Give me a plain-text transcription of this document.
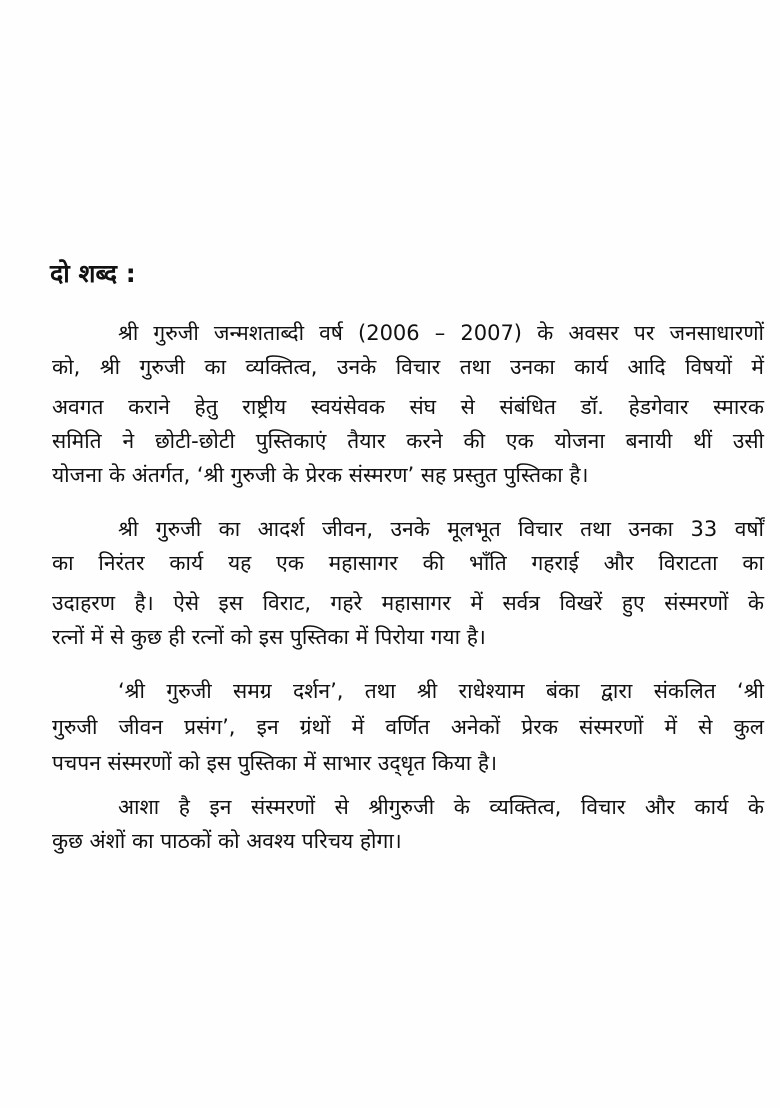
दो शब्द :
श्री गुरुजी जन्मशताब्दी वर्ष (2006 – 2007) के अवसर पर जनसाधारणों
को, श्री गुरुजी का व्यक्तित्व, उनके विचार तथा उनका कार्य आदि विषयों में
अवगत कराने हेतु राष्ट्रीय स्वयंसेवक संघ से संबंधित डॉ. हेडगेवार स्मारक
समिति ने छोटी-छोटी पुस्तिकाएं तैयार करने की एक योजना बनायी थीं उसी
योजना के अंतर्गत, ‘श्री गुरुजी के प्रेरक संस्मरण’ सह प्रस्तुत पुस्तिका है।
श्री गुरुजी का आदर्श जीवन, उनके मूलभूत विचार तथा उनका 33 वर्षों
का निरंतर कार्य यह एक महासागर की भाँति गहराई और विराटता का
उदाहरण है। ऐसे इस विराट, गहरे महासागर में सर्वत्र विखरें हुए संस्मरणों के
रत्नों में से कुछ ही रत्नों को इस पुस्तिका में पिरोया गया है।
‘श्री गुरुजी समग्र दर्शन’, तथा श्री राधेश्याम बंका द्वारा संकलित ‘श्री
गुरुजी जीवन प्रसंग’, इन ग्रंथों में वर्णित अनेकों प्रेरक संस्मरणों में से कुल
पचपन संस्मरणों को इस पुस्तिका में साभार उद्‌धृत किया है।
आशा है इन संस्मरणों से श्रीगुरुजी के व्यक्तित्व, विचार और कार्य के
कुछ अंशों का पाठकों को अवश्य परिचय होगा।
